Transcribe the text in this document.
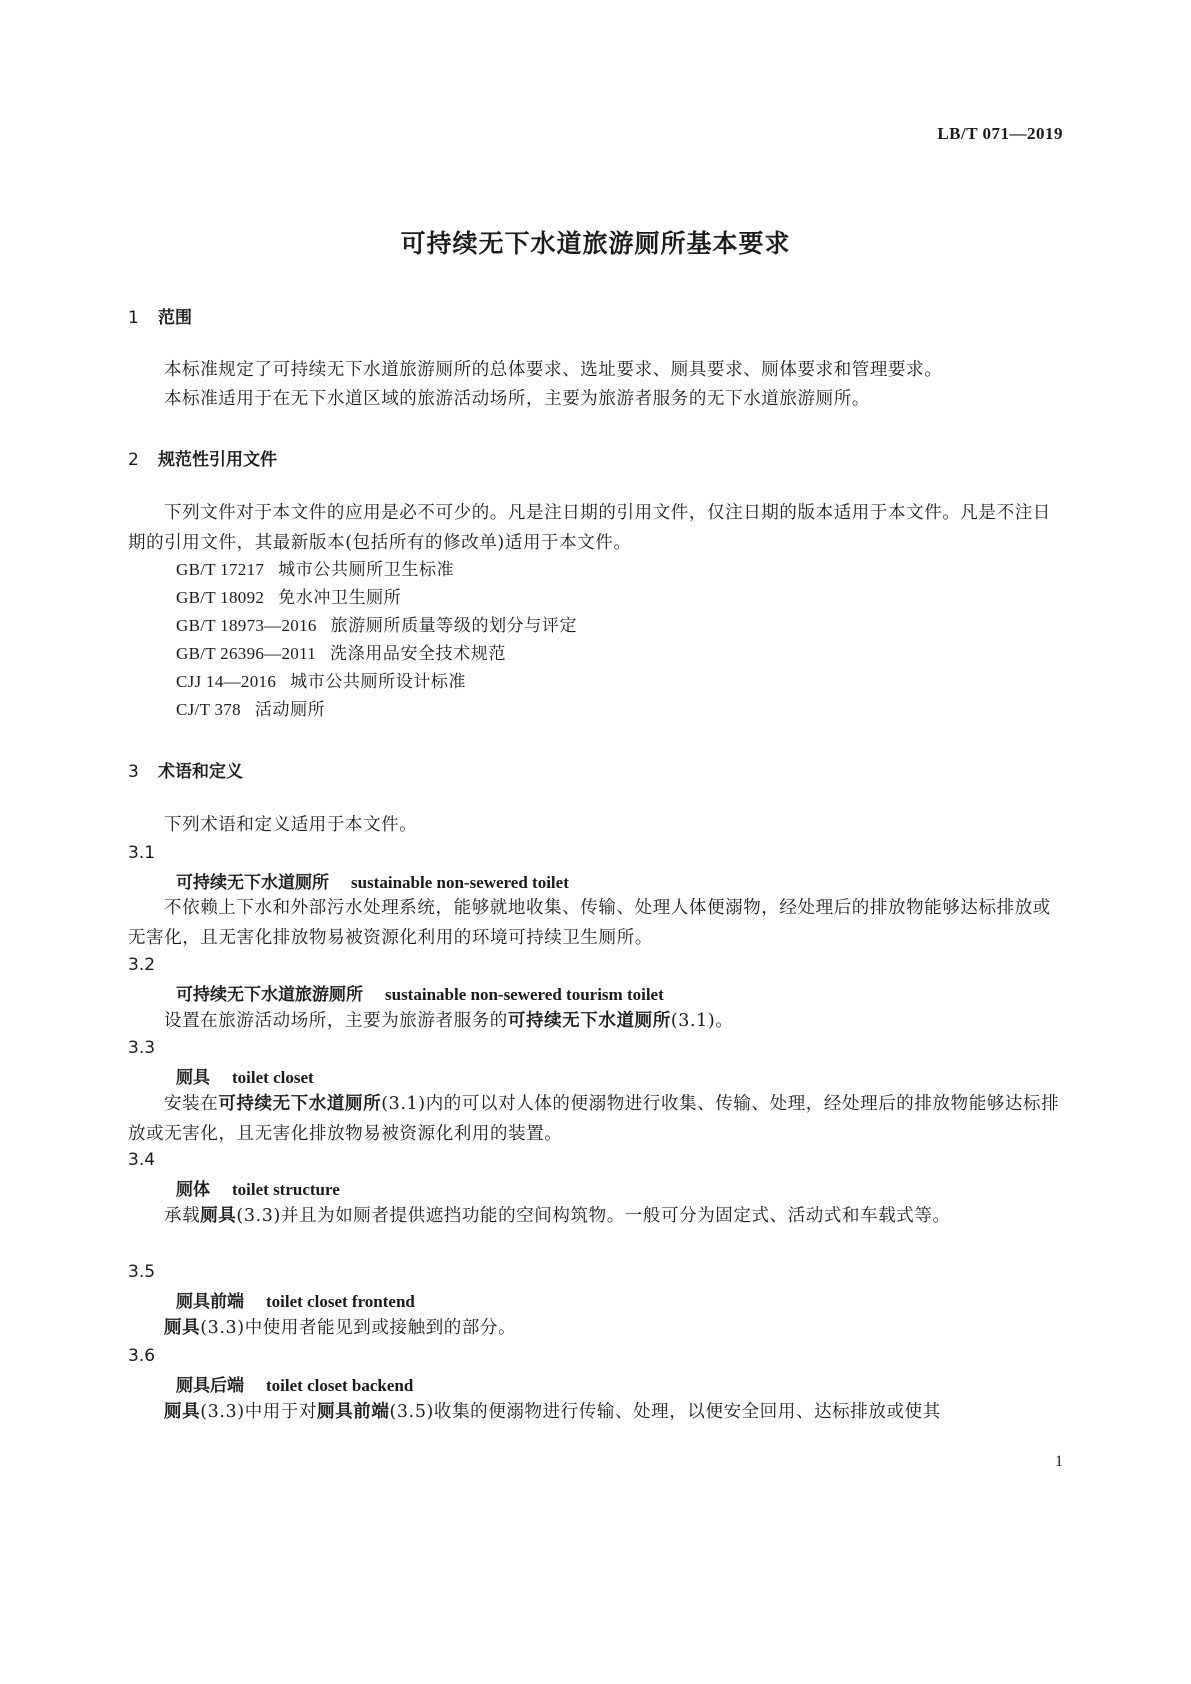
LB/T 071—2019
可持续无下水道旅游厕所基本要求
1 范围
本标准规定了可持续无下水道旅游厕所的总体要求、选址要求、厕具要求、厕体要求和管理要求。
本标准适用于在无下水道区域的旅游活动场所，主要为旅游者服务的无下水道旅游厕所。
2 规范性引用文件
下列文件对于本文件的应用是必不可少的。凡是注日期的引用文件，仅注日期的版本适用于本文件。凡是不注日期的引用文件，其最新版本(包括所有的修改单)适用于本文件。
GB/T 17217 城市公共厕所卫生标准
GB/T 18092 免水冲卫生厕所
GB/T 18973—2016 旅游厕所质量等级的划分与评定
GB/T 26396—2011 洗涤用品安全技术规范
CJJ 14—2016 城市公共厕所设计标准
CJ/T 378 活动厕所
3 术语和定义
下列术语和定义适用于本文件。
3.1
可持续无下水道厕所 sustainable non-sewered toilet
不依赖上下水和外部污水处理系统，能够就地收集、传输、处理人体便溺物，经处理后的排放物能够达标排放或无害化，且无害化排放物易被资源化利用的环境可持续卫生厕所。
3.2
可持续无下水道旅游厕所 sustainable non-sewered tourism toilet
设置在旅游活动场所，主要为旅游者服务的可持续无下水道厕所(3.1)。
3.3
厕具 toilet closet
安装在可持续无下水道厕所(3.1)内的可以对人体的便溺物进行收集、传输、处理，经处理后的排放物能够达标排放或无害化，且无害化排放物易被资源化利用的装置。
3.4
厕体 toilet structure
承载厕具(3.3)并且为如厕者提供遮挡功能的空间构筑物。一般可分为固定式、活动式和车载式等。
3.5
厕具前端 toilet closet frontend
厕具(3.3)中使用者能见到或接触到的部分。
3.6
厕具后端 toilet closet backend
厕具(3.3)中用于对厕具前端(3.5)收集的便溺物进行传输、处理，以便安全回用、达标排放或使其
1
